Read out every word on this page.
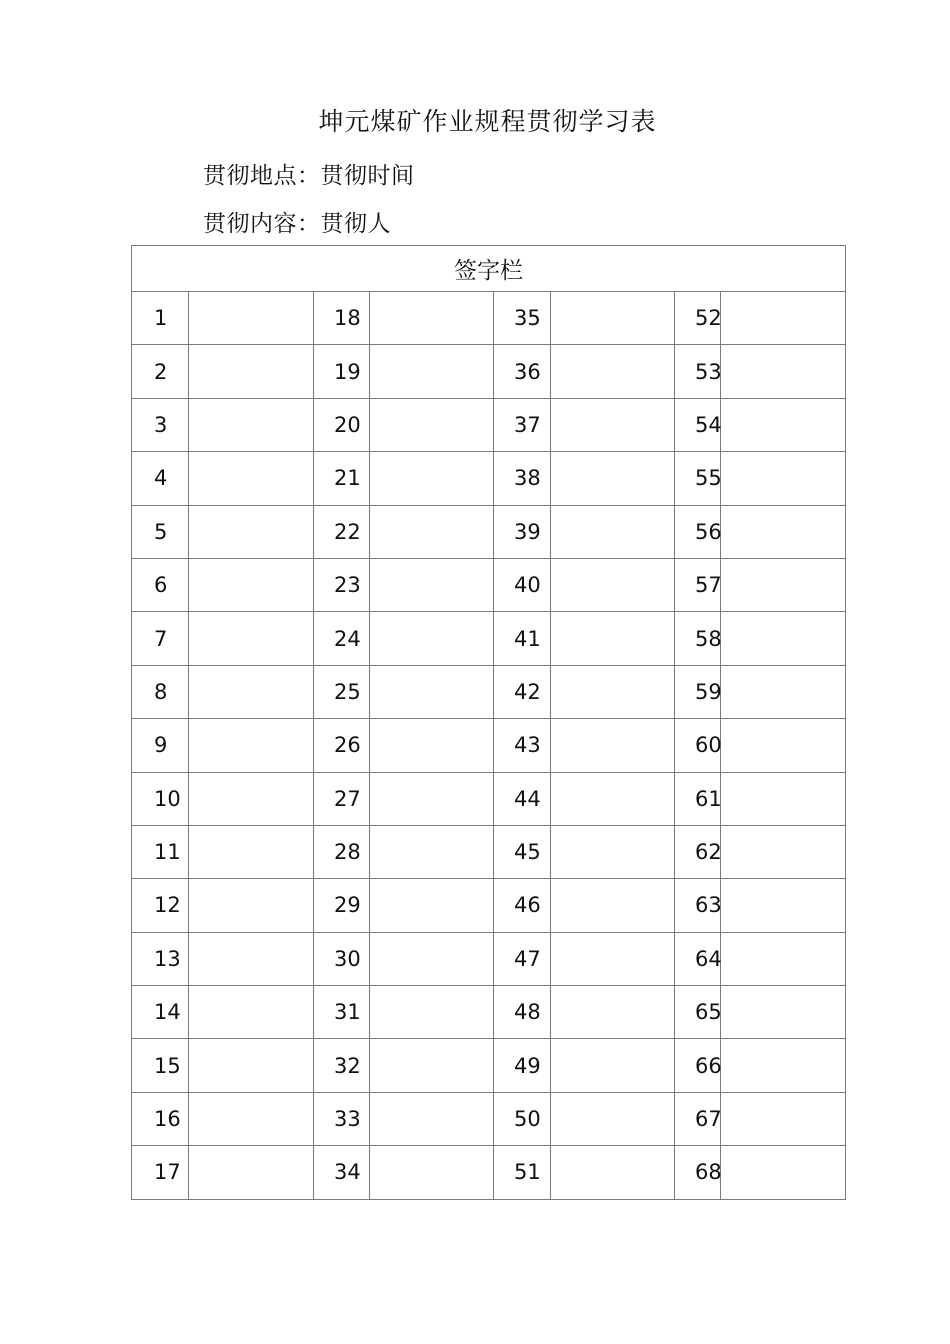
坤元煤矿作业规程贯彻学习表
贯彻地点：贯彻时间
贯彻内容：贯彻人
签字栏							
1		18		35		52	
2		19		36		53	
3		20		37		54	
4		21		38		55	
5		22		39		56	
6		23		40		57	
7		24		41		58	
8		25		42		59	
9		26		43		60	
10		27		44		61	
11		28		45		62	
12		29		46		63	
13		30		47		64	
14		31		48		65	
15		32		49		66	
16		33		50		67	
17		34		51		68	
